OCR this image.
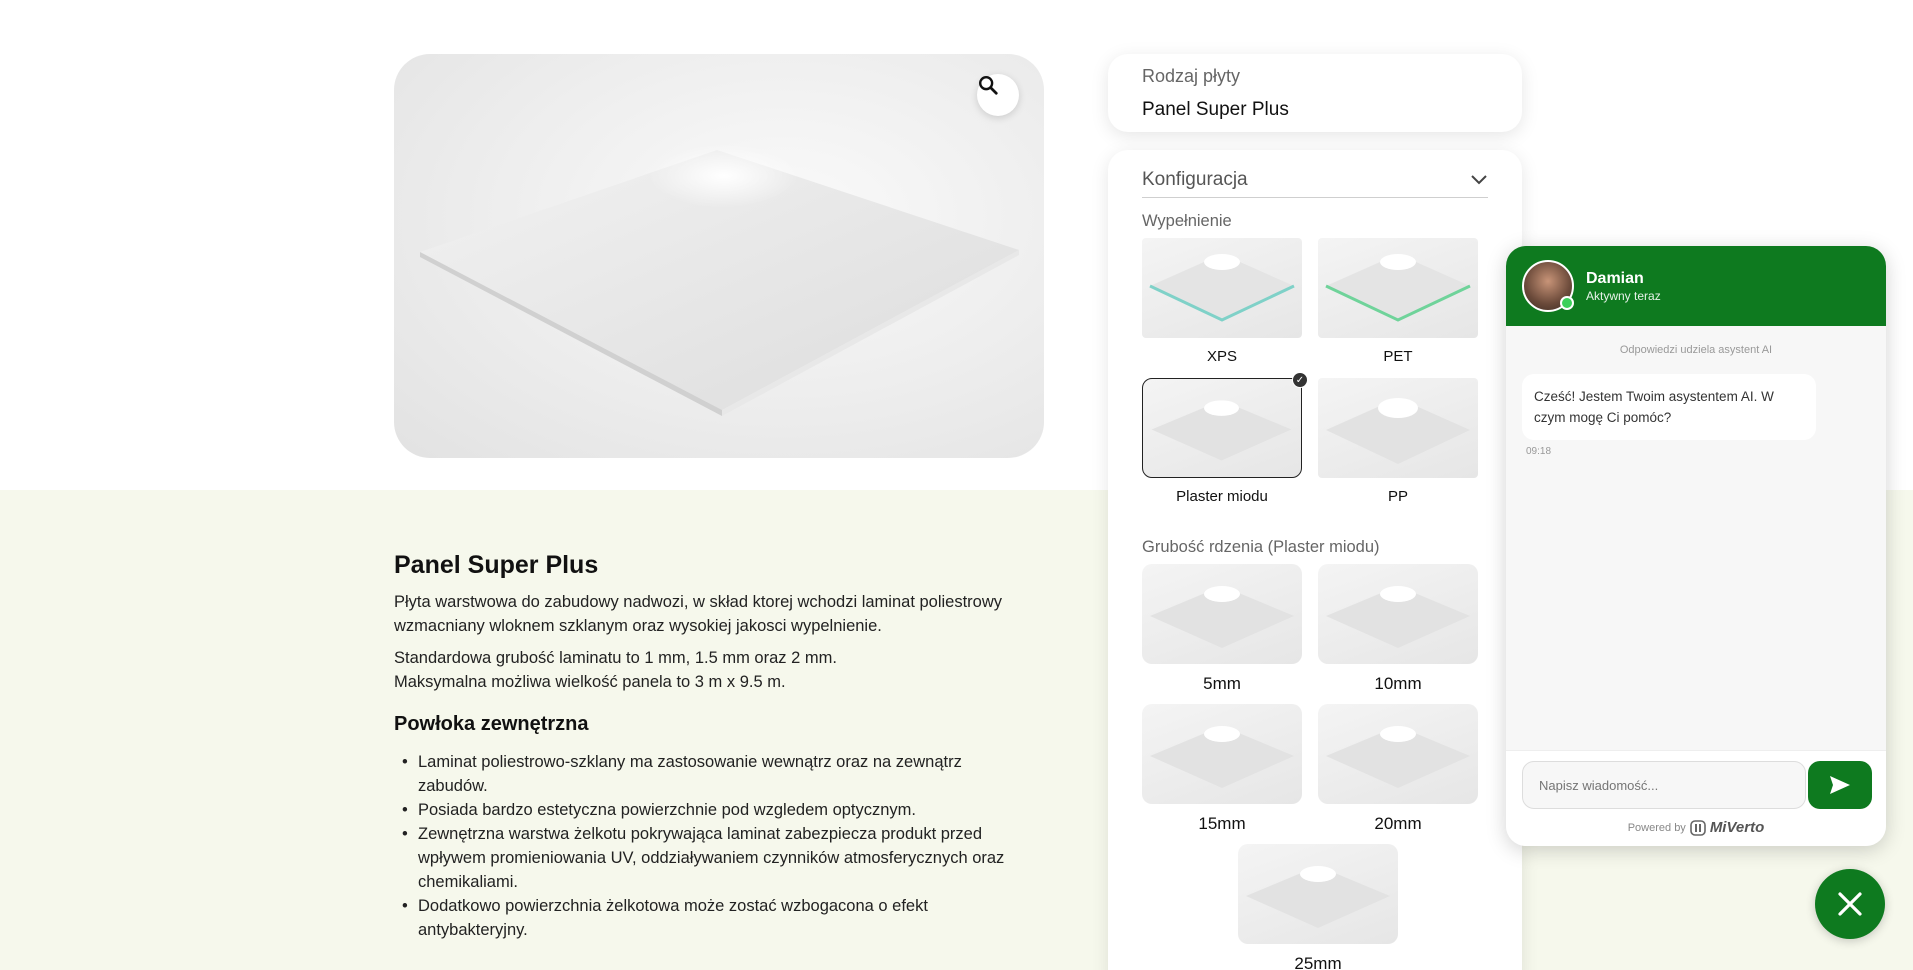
Panel Super Plus

Płyta warstwowa do zabudowy nadwozi, w skład ktorej wchodzi laminat poliestrowy wzmacniany wloknem szklanym oraz wysokiej jakosci wypelnienie.

Standardowa grubość laminatu to 1 mm, 1.5 mm oraz 2 mm.
Maksymalna możliwa wielkość panela to 3 m x 9.5 m.

Powłoka zewnętrzna
• Laminat poliestrowo-szklany ma zastosowanie wewnątrz oraz na zewnątrz zabudów.
• Posiada bardzo estetyczna powierzchnie pod wzgledem optycznym.
• Zewnętrzna warstwa żelkotu pokrywająca laminat zabezpiecza produkt przed wpływem promieniowania UV, oddziaływaniem czynników atmosferycznych oraz chemikaliami.
• Dodatkowo powierzchnia żelkotowa może zostać wzbogacona o efekt antybakteryjny.
Rodzaj płyty
Panel Super Plus
Konfiguracja
Wypełnienie
XPS	PET
✓
Plaster miodu	PP
Grubość rdzenia (Plaster miodu)
5mm	10mm
15mm	20mm
25mm
Damian
Aktywny teraz
Odpowiedzi udziela asystent AI
Cześć! Jestem Twoim asystentem AI. W czym mogę Ci pomóc?
09:18
Napisz wiadomość...
Powered by MiVerto
